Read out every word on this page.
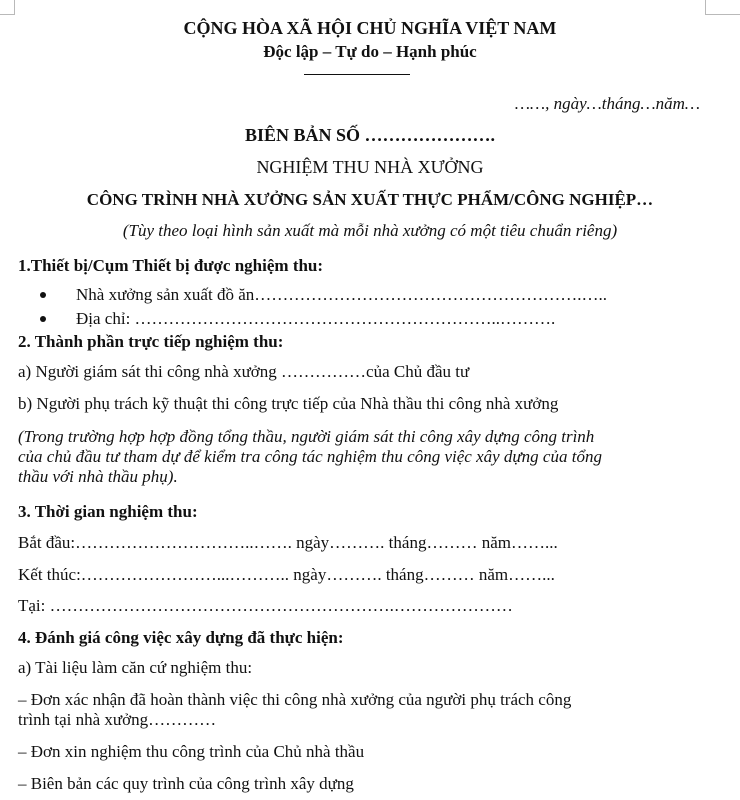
CỘNG HÒA XÃ HỘI CHỦ NGHĨA VIỆT NAM
Độc lập – Tự do – Hạnh phúc
……, ngày…tháng…năm…
BIÊN BẢN SỐ ………………….
NGHIỆM THU NHÀ XƯỞNG
CÔNG TRÌNH NHÀ XƯỞNG SẢN XUẤT THỰC PHẨM/CÔNG NGHIỆP…
(Tùy theo loại hình sản xuất mà mỗi nhà xưởng có một tiêu chuẩn riêng)
1.Thiết bị/Cụm Thiết bị được nghiệm thu:
Nhà xưởng sản xuất đồ ăn………………………………………………….…..
Địa chỉ: ………………………………………………………..……….
2. Thành phần trực tiếp nghiệm thu:
a) Người giám sát thi công nhà xưởng ……………của Chủ đầu tư
b) Người phụ trách kỹ thuật thi công trực tiếp của Nhà thầu thi công nhà xưởng
(Trong trường hợp hợp đồng tổng thầu, người giám sát thi công xây dựng công trình
của chủ đầu tư tham dự để kiểm tra công tác nghiệm thu công việc xây dựng của tổng
thầu với nhà thầu phụ).
3. Thời gian nghiệm thu:
Bắt đầu:…………………………..……. ngày………. tháng……… năm……...
Kết thúc:……………………...……….. ngày………. tháng……… năm……...
Tại: …………………………………………………….…………………
4. Đánh giá công việc xây dựng đã thực hiện:
a) Tài liệu làm căn cứ nghiệm thu:
– Đơn xác nhận đã hoàn thành việc thi công nhà xưởng của người phụ trách công
trình tại nhà xưởng…………
– Đơn xin nghiệm thu công trình của Chủ nhà thầu
– Biên bản các quy trình của công trình xây dựng
